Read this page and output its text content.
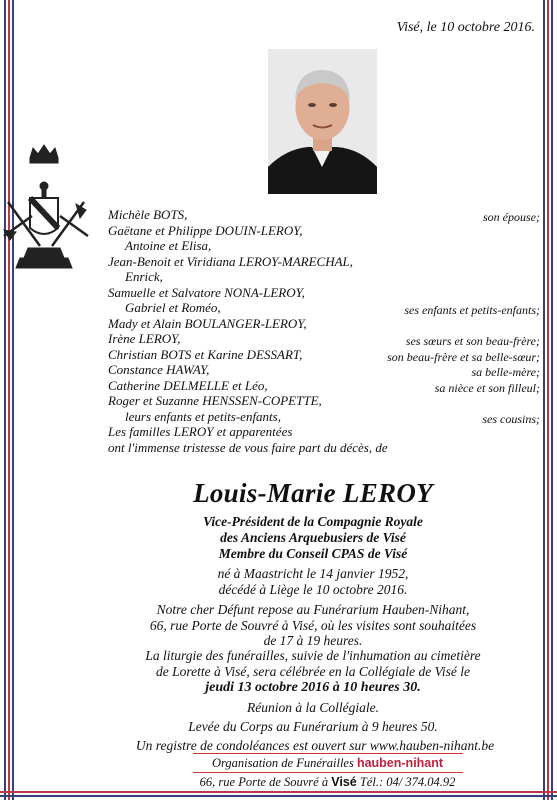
Visé, le 10 octobre 2016.
Michèle BOTS,	son épouse;
Gaëtane et Philippe DOUIN-LEROY,
Antoine et Elisa,
Jean-Benoit et Viridiana LEROY-MARECHAL,
Enrick,
Samuelle et Salvatore NONA-LEROY,
Gabriel et Roméo,	ses enfants et petits-enfants;
Mady et Alain BOULANGER-LEROY,
Irène LEROY,	ses sœurs et son beau-frère;
Christian BOTS et Karine DESSART,	son beau-frère et sa belle-sœur;
Constance HAWAY,	sa belle-mère;
Catherine DELMELLE et Léo,	sa nièce et son filleul;
Roger et Suzanne HENSSEN-COPETTE,
leurs enfants et petits-enfants,	ses cousins;
Les familles LEROY et apparentées
ont l'immense tristesse de vous faire part du décès, de
Louis-Marie LEROY
Vice-Président de la Compagnie Royale
des Anciens Arquebusiers de Visé
Membre du Conseil CPAS de Visé
né à Maastricht le 14 janvier 1952,
décédé à Liège le 10 octobre 2016.
Notre cher Défunt repose au Funérarium Hauben-Nihant,
66, rue Porte de Souvré à Visé, où les visites sont souhaitées
de 17 à 19 heures.
La liturgie des funérailles, suivie de l'inhumation au cimetière
de Lorette à Visé, sera célébrée en la Collégiale de Visé le
jeudi 13 octobre 2016 à 10 heures 30.
Réunion à la Collégiale.
Levée du Corps au Funérarium à 9 heures 50.
Un registre de condoléances est ouvert sur www.hauben-nihant.be
Organisation de Funérailles hauben-nihant
66, rue Porte de Souvré à Visé Tél.: 04/ 374.04.92
